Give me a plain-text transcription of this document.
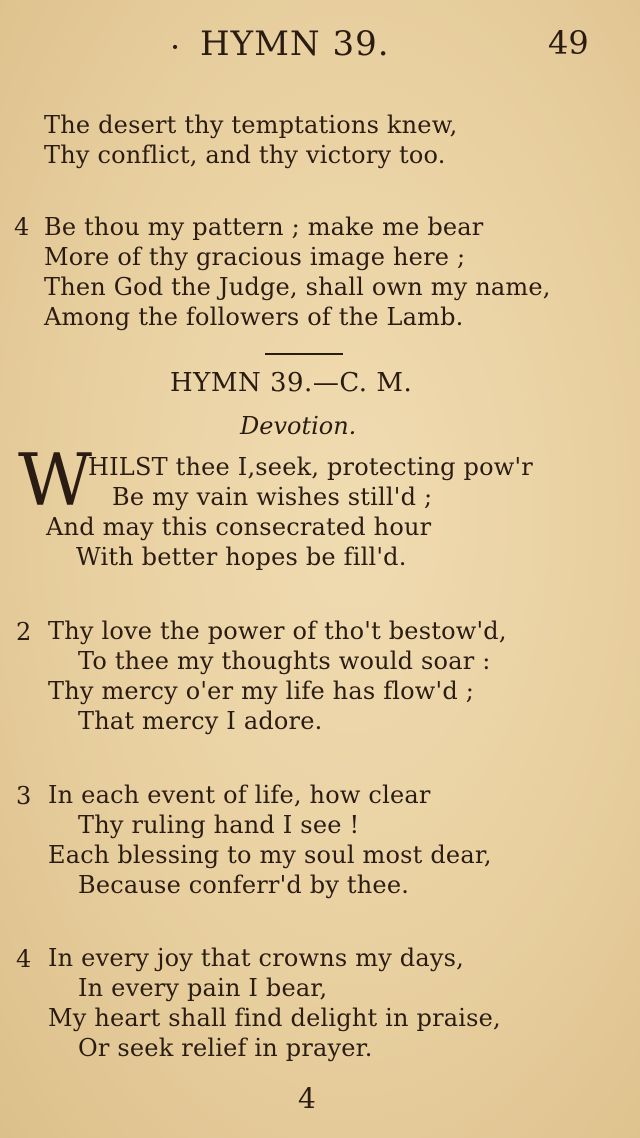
· HYMN 39.	49
The desert thy temptations knew,
Thy conflict, and thy victory too.
4 Be thou my pattern ; make me bear
More of thy gracious image here ;
Then God the Judge, shall own my name,
Among the followers of the Lamb.
HYMN 39.—C. M.
Devotion.
W
HILST thee I,seek, protecting pow'r
Be my vain wishes still'd ;
And may this consecrated hour
With better hopes be fill'd.
2 Thy love the power of tho't bestow'd,
To thee my thoughts would soar :
Thy mercy o'er my life has flow'd ;
That mercy I adore.
3 In each event of life, how clear
Thy ruling hand I see !
Each blessing to my soul most dear,
Because conferr'd by thee.
4 In every joy that crowns my days,
In every pain I bear,
My heart shall find delight in praise,
Or seek relief in prayer.
4
